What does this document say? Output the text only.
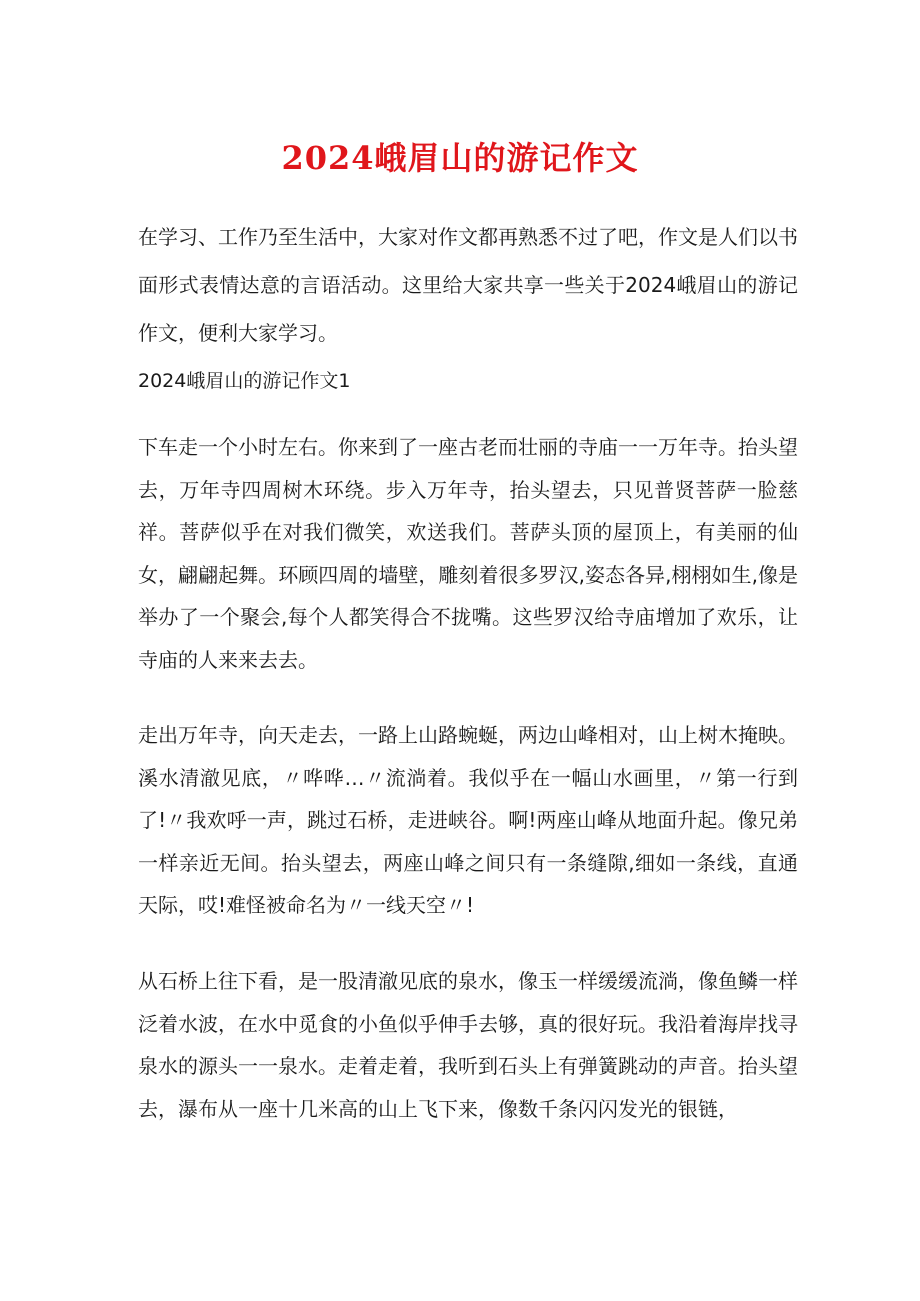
2024峨眉山的游记作文

在学习、工作乃至生活中，大家对作文都再熟悉不过了吧，作文是人们以书面形式表情达意的言语活动。这里给大家共享一些关于2024峨眉山的游记作文，便利大家学习。

2024峨眉山的游记作文1

下车走一个小时左右。你来到了一座古老而壮丽的寺庙一一万年寺。抬头望去，万年寺四周树木环绕。步入万年寺，抬头望去，只见普贤菩萨一脸慈祥。菩萨似乎在对我们微笑，欢送我们。菩萨头顶的屋顶上，有美丽的仙女，翩翩起舞。环顾四周的墙壁，雕刻着很多罗汉,姿态各异,栩栩如生,像是举办了一个聚会,每个人都笑得合不拢嘴。这些罗汉给寺庙增加了欢乐，让寺庙的人来来去去。

走出万年寺，向天走去，一路上山路蜿蜒，两边山峰相对，山上树木掩映。溪水清澈见底，〃哗哗…〃流淌着。我似乎在一幅山水画里，〃第一行到了!〃我欢呼一声，跳过石桥，走进峡谷。啊!两座山峰从地面升起。像兄弟一样亲近无间。抬头望去，两座山峰之间只有一条缝隙,细如一条线，直通天际，哎!难怪被命名为〃一线天空〃!

从石桥上往下看，是一股清澈见底的泉水，像玉一样缓缓流淌，像鱼鳞一样泛着水波，在水中觅食的小鱼似乎伸手去够，真的很好玩。我沿着海岸找寻泉水的源头一一泉水。走着走着，我听到石头上有弹簧跳动的声音。抬头望去，瀑布从一座十几米高的山上飞下来，像数千条闪闪发光的银链，
